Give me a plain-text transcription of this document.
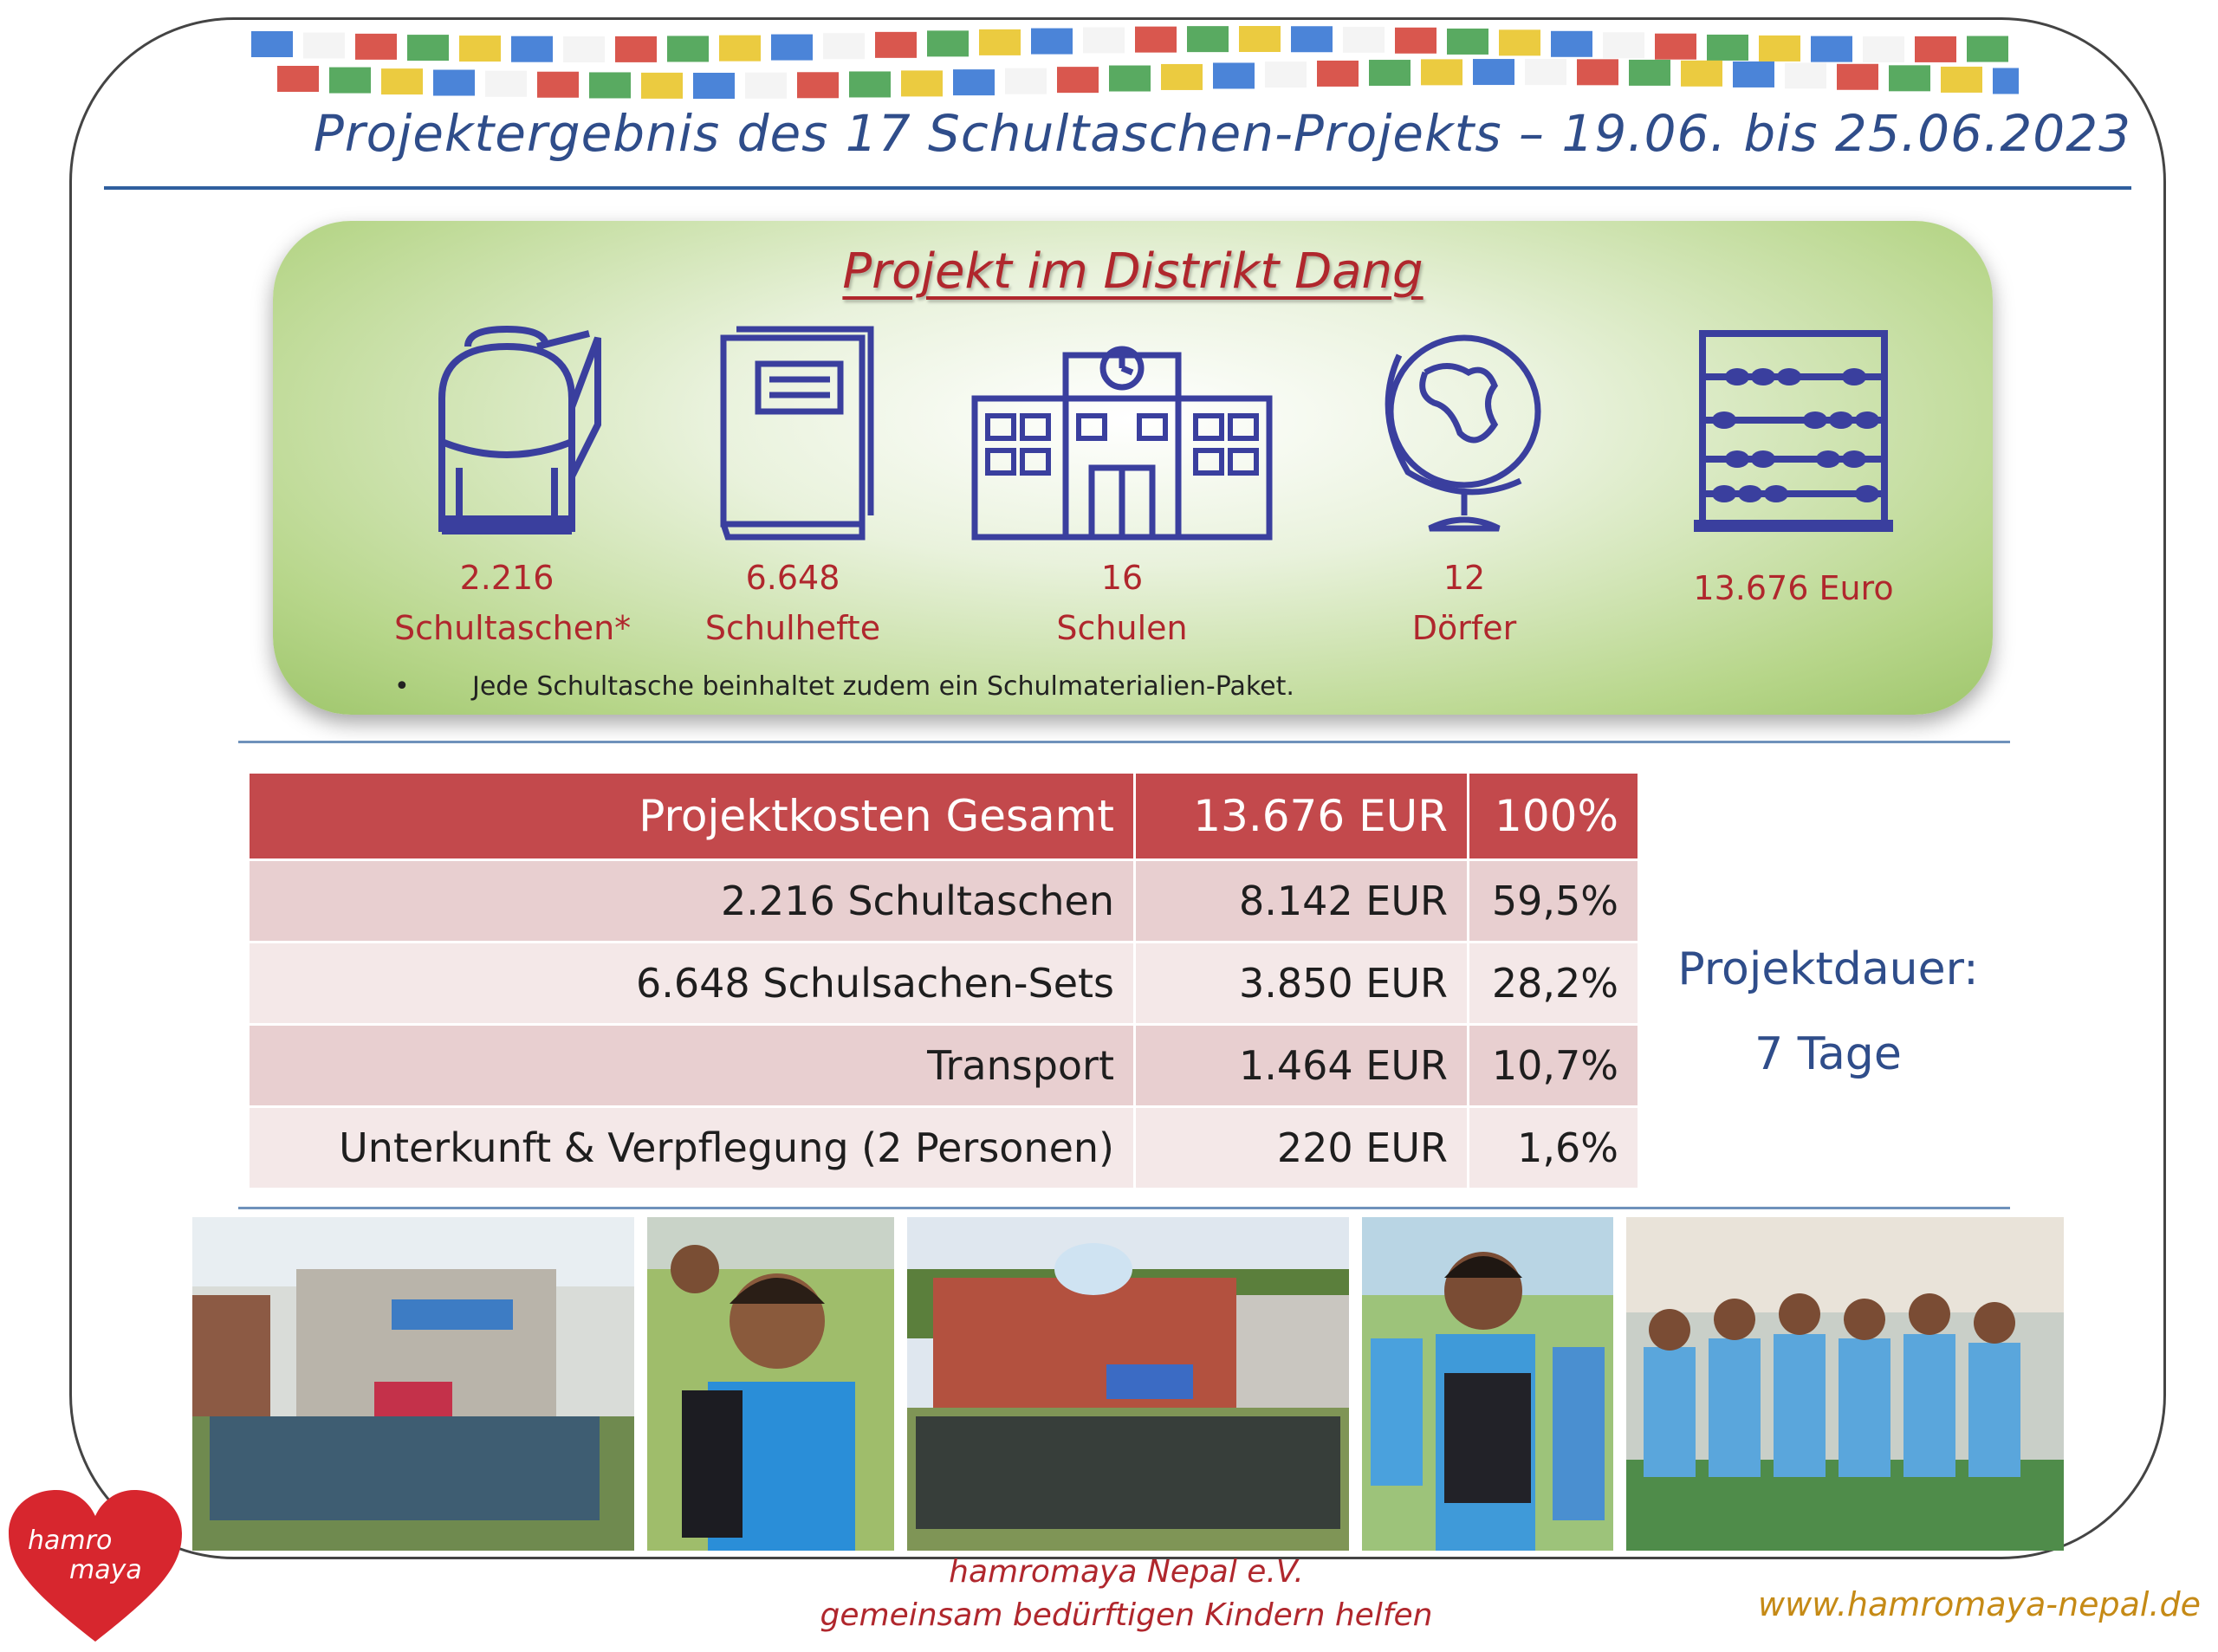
Projektergebnis des 17 Schultaschen-Projekts – 19.06. bis 25.06.2023
Projekt im Distrikt Dang
2.216
Schultaschen*
6.648
Schulhefte
16
Schulen
12
Dörfer
13.676 Euro
• Jede Schultasche beinhaltet zudem ein Schulmaterialien-Paket.
Projektkosten Gesamt	13.676 EUR	100%
2.216 Schultaschen	8.142 EUR	59,5%
6.648 Schulsachen-Sets	3.850 EUR	28,2%
Transport	1.464 EUR	10,7%
Unterkunft & Verpflegung (2 Personen)	220 EUR	1,6%
Projektdauer:
7 Tage
hamro
maya	hamromaya Nepal e.V.
gemeinsam bedürftigen Kindern helfen	www.hamromaya-nepal.de
